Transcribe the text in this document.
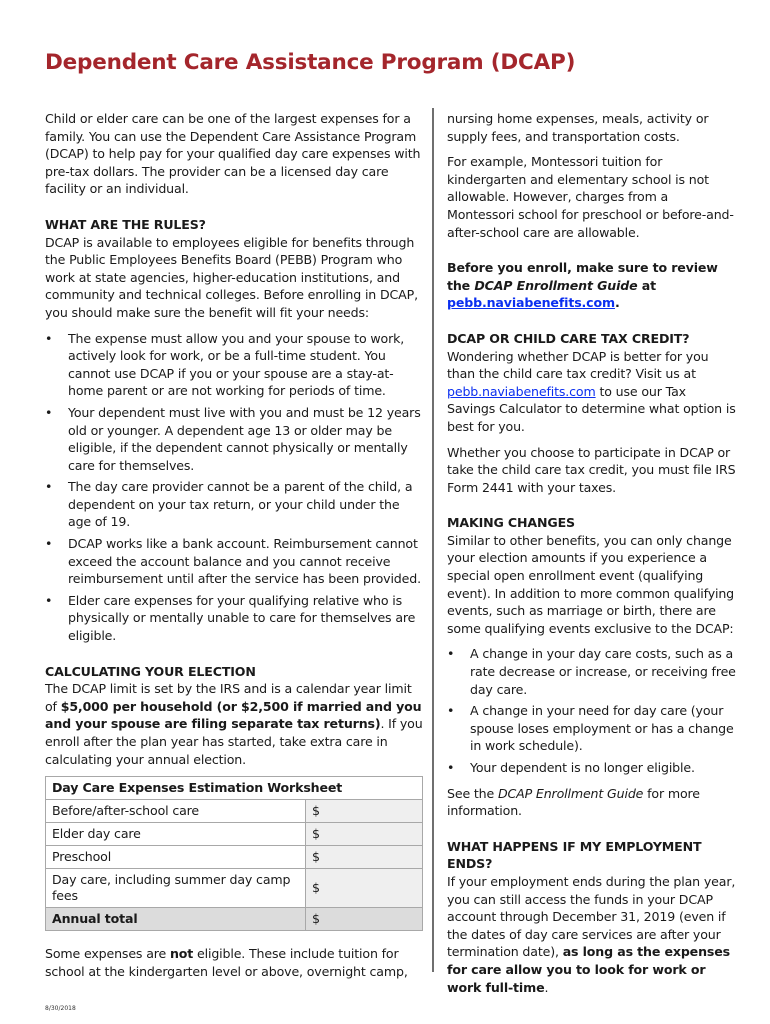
Dependent Care Assistance Program (DCAP)

Child or elder care can be one of the largest expenses for a family. You can use the Dependent Care Assistance Program (DCAP) to help pay for your qualified day care expenses with pre-tax dollars. The provider can be a licensed day care facility or an individual.

WHAT ARE THE RULES?

DCAP is available to employees eligible for benefits through the Public Employees Benefits Board (PEBB) Program who work at state agencies, higher-education institutions, and community and technical colleges. Before enrolling in DCAP, you should make sure the benefit will fit your needs:

• The expense must allow you and your spouse to work, actively look for work, or be a full-time student. You cannot use DCAP if you or your spouse are a stay-at-home parent or are not working for periods of time.
• Your dependent must live with you and must be 12 years old or younger. A dependent age 13 or older may be eligible, if the dependent cannot physically or mentally care for themselves.
• The day care provider cannot be a parent of the child, a dependent on your tax return, or your child under the age of 19.
• DCAP works like a bank account. Reimbursement cannot exceed the account balance and you cannot receive reimbursement until after the service has been provided.
• Elder care expenses for your qualifying relative who is physically or mentally unable to care for themselves are eligible.

CALCULATING YOUR ELECTION

The DCAP limit is set by the IRS and is a calendar year limit of $5,000 per household (or $2,500 if married and you and your spouse are filing separate tax returns). If you enroll after the plan year has started, take extra care in calculating your annual election.

Day Care Expenses Estimation Worksheet	
Before/after-school care	$
Elder day care	$
Preschool	$
Day care, including summer day camp fees	$
Annual total	$

Some expenses are not eligible. These include tuition for school at the kindergarten level or above, overnight camp,

nursing home expenses, meals, activity or supply fees, and transportation costs.

For example, Montessori tuition for kindergarten and elementary school is not allowable. However, charges from a Montessori school for preschool or before-and-after-school care are allowable.

Before you enroll, make sure to review the DCAP Enrollment Guide at
pebb.naviabenefits.com.

DCAP OR CHILD CARE TAX CREDIT?

Wondering whether DCAP is better for you than the child care tax credit? Visit us at pebb.naviabenefits.com to use our Tax Savings Calculator to determine what option is best for you.

Whether you choose to participate in DCAP or take the child care tax credit, you must file IRS Form 2441 with your taxes.

MAKING CHANGES

Similar to other benefits, you can only change your election amounts if you experience a special open enrollment event (qualifying event). In addition to more common qualifying events, such as marriage or birth, there are some qualifying events exclusive to the DCAP:

• A change in your day care costs, such as a rate decrease or increase, or receiving free day care.
• A change in your need for day care (your spouse loses employment or has a change in work schedule).
• Your dependent is no longer eligible.

See the DCAP Enrollment Guide for more information.

WHAT HAPPENS IF MY EMPLOYMENT ENDS?

If your employment ends during the plan year, you can still access the funds in your DCAP account through December 31, 2019 (even if the dates of day care services are after your termination date), as long as the expenses for care allow you to look for work or work full-time.

8/30/2018
